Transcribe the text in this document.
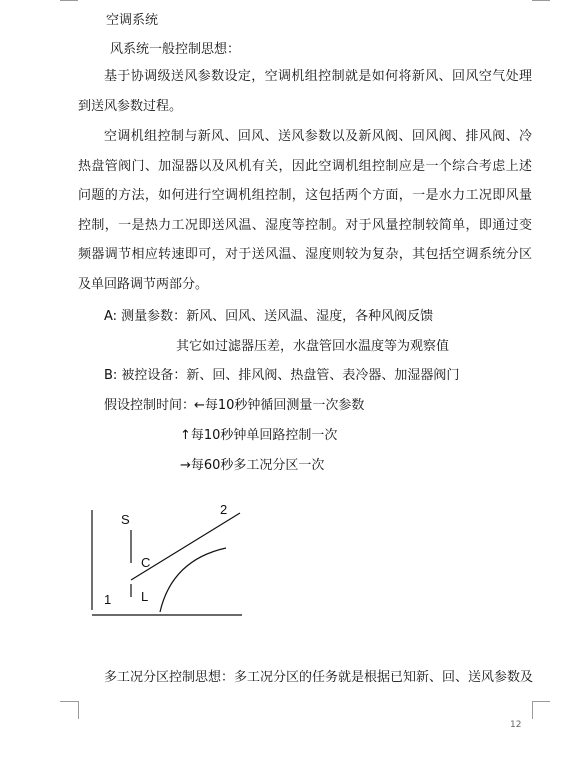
空调系统
风系统一般控制思想：
基于协调级送风参数设定，空调机组控制就是如何将新风、回风空气处理到送风参数过程。
空调机组控制与新风、回风、送风参数以及新风阀、回风阀、排风阀、冷热盘管阀门、加湿器以及风机有关，因此空调机组控制应是一个综合考虑上述问题的方法，如何进行空调机组控制，这包括两个方面，一是水力工况即风量控制，一是热力工况即送风温、湿度等控制。对于风量控制较简单，即通过变频器调节相应转速即可，对于送风温、湿度则较为复杂，其包括空调系统分区及单回路调节两部分。
A: 测量参数：新风、回风、送风温、湿度，各种风阀反馈
其它如过滤器压差，水盘管回水温度等为观察值
B: 被控设备：新、回、排风阀、热盘管、表冷器、加湿器阀门
假设控制时间：
←每10秒钟循回测量一次参数
↑每10秒钟单回路控制一次
→每60秒多工况分区一次
S
2
C
1 L
多工况分区控制思想：多工况分区的任务就是根据已知新、回、送风参数及
12
